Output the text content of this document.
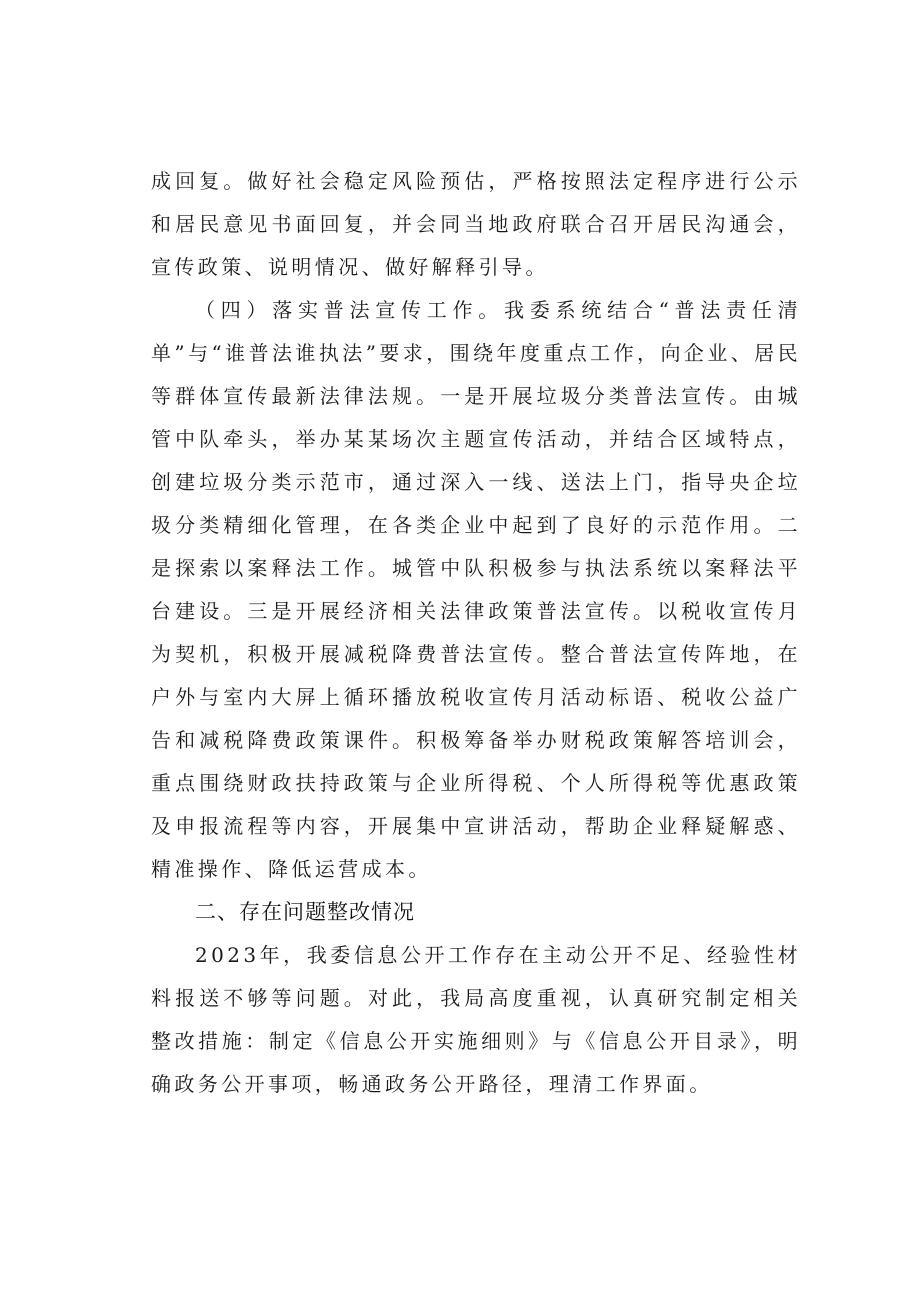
成回复。做好社会稳定风险预估，严格按照法定程序进行公示和居民意见书面回复，并会同当地政府联合召开居民沟通会，宣传政策、说明情况、做好解释引导。

（四）落实普法宣传工作。我委系统结合“普法责任清单”与“谁普法谁执法”要求，围绕年度重点工作，向企业、居民等群体宣传最新法律法规。一是开展垃圾分类普法宣传。由城管中队牵头，举办某某场次主题宣传活动，并结合区域特点，创建垃圾分类示范市，通过深入一线、送法上门，指导央企垃圾分类精细化管理，在各类企业中起到了良好的示范作用。二是探索以案释法工作。城管中队积极参与执法系统以案释法平台建设。三是开展经济相关法律政策普法宣传。以税收宣传月为契机，积极开展减税降费普法宣传。整合普法宣传阵地，在户外与室内大屏上循环播放税收宣传月活动标语、税收公益广告和减税降费政策课件。积极筹备举办财税政策解答培训会，重点围绕财政扶持政策与企业所得税、个人所得税等优惠政策及申报流程等内容，开展集中宣讲活动，帮助企业释疑解惑、精准操作、降低运营成本。

二、存在问题整改情况

2023年，我委信息公开工作存在主动公开不足、经验性材料报送不够等问题。对此，我局高度重视，认真研究制定相关整改措施：制定《信息公开实施细则》与《信息公开目录》，明确政务公开事项，畅通政务公开路径，理清工作界面。
